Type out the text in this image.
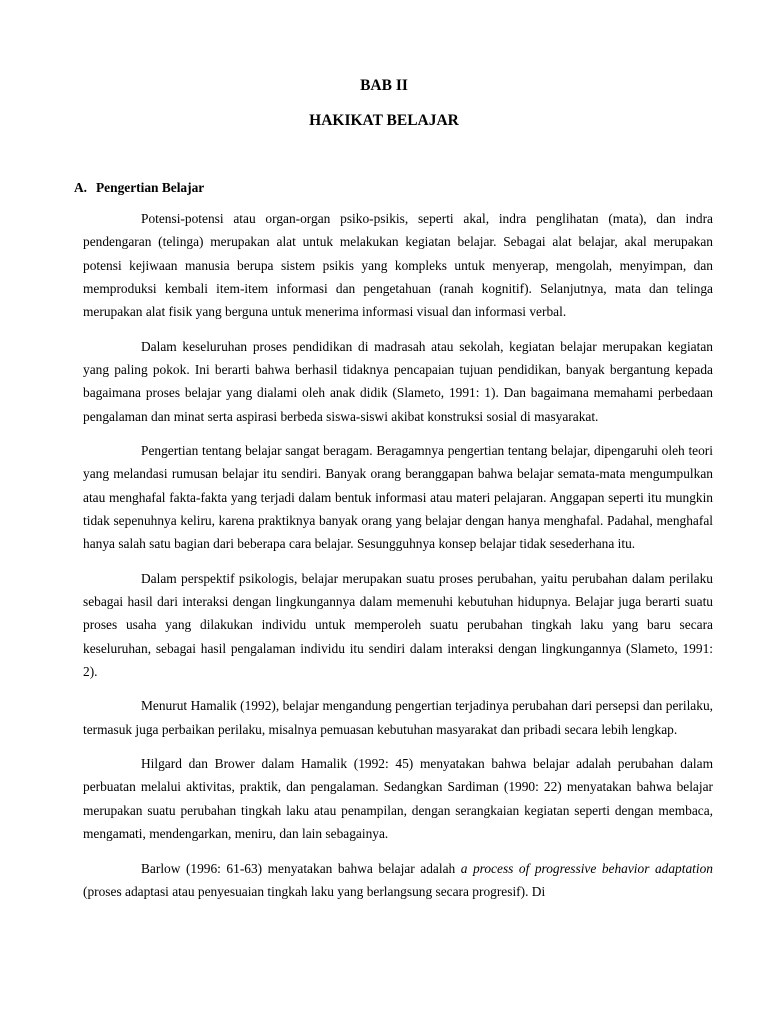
BAB II
HAKIKAT BELAJAR
A. Pengertian Belajar

Potensi-potensi atau organ-organ psiko-psikis, seperti akal, indra penglihatan (mata), dan indra pendengaran (telinga) merupakan alat untuk melakukan kegiatan belajar. Sebagai alat belajar, akal merupakan potensi kejiwaan manusia berupa sistem psikis yang kompleks untuk menyerap, mengolah, menyimpan, dan memproduksi kembali item-item informasi dan pengetahuan (ranah kognitif). Selanjutnya, mata dan telinga merupakan alat fisik yang berguna untuk menerima informasi visual dan informasi verbal.

Dalam keseluruhan proses pendidikan di madrasah atau sekolah, kegiatan belajar merupakan kegiatan yang paling pokok. Ini berarti bahwa berhasil tidaknya pencapaian tujuan pendidikan, banyak bergantung kepada bagaimana proses belajar yang dialami oleh anak didik (Slameto, 1991: 1). Dan bagaimana memahami perbedaan pengalaman dan minat serta aspirasi berbeda siswa-siswi akibat konstruksi sosial di masyarakat.

Pengertian tentang belajar sangat beragam. Beragamnya pengertian tentang belajar, dipengaruhi oleh teori yang melandasi rumusan belajar itu sendiri. Banyak orang beranggapan bahwa belajar semata-mata mengumpulkan atau menghafal fakta-fakta yang terjadi dalam bentuk informasi atau materi pelajaran. Anggapan seperti itu mungkin tidak sepenuhnya keliru, karena praktiknya banyak orang yang belajar dengan hanya menghafal. Padahal, menghafal hanya salah satu bagian dari beberapa cara belajar. Sesungguhnya konsep belajar tidak sesederhana itu.

Dalam perspektif psikologis, belajar merupakan suatu proses perubahan, yaitu perubahan dalam perilaku sebagai hasil dari interaksi dengan lingkungannya dalam memenuhi kebutuhan hidupnya. Belajar juga berarti suatu proses usaha yang dilakukan individu untuk memperoleh suatu perubahan tingkah laku yang baru secara keseluruhan, sebagai hasil pengalaman individu itu sendiri dalam interaksi dengan lingkungannya (Slameto, 1991: 2).

Menurut Hamalik (1992), belajar mengandung pengertian terjadinya perubahan dari persepsi dan perilaku, termasuk juga perbaikan perilaku, misalnya pemuasan kebutuhan masyarakat dan pribadi secara lebih lengkap.

Hilgard dan Brower dalam Hamalik (1992: 45) menyatakan bahwa belajar adalah perubahan dalam perbuatan melalui aktivitas, praktik, dan pengalaman. Sedangkan Sardiman (1990: 22) menyatakan bahwa belajar merupakan suatu perubahan tingkah laku atau penampilan, dengan serangkaian kegiatan seperti dengan membaca, mengamati, mendengarkan, meniru, dan lain sebagainya.

Barlow (1996: 61-63) menyatakan bahwa belajar adalah a process of progressive behavior adaptation (proses adaptasi atau penyesuaian tingkah laku yang berlangsung secara progresif). Di
